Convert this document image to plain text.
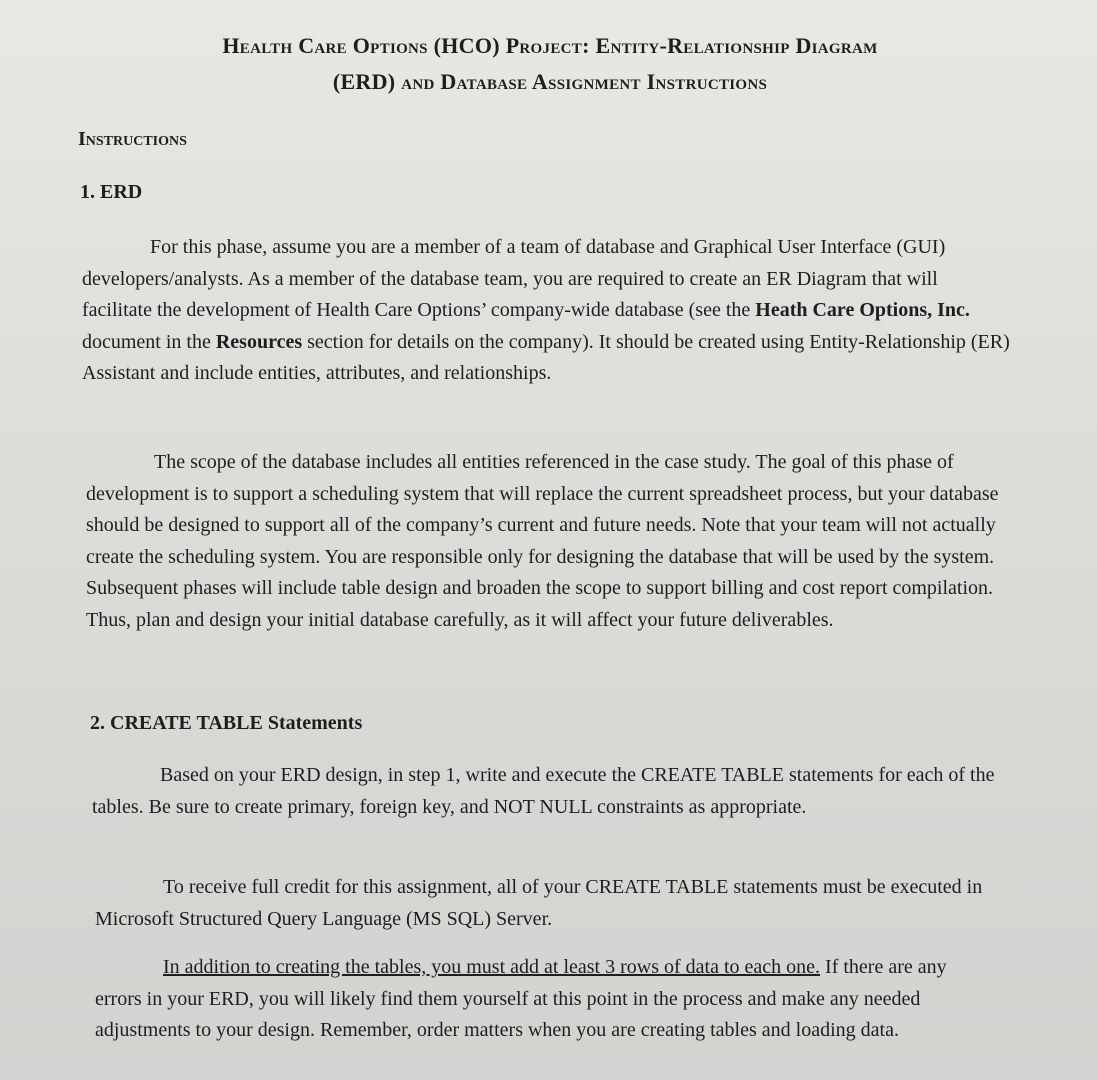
Health Care Options (HCO) Project: Entity-Relationship Diagram
(ERD) and Database Assignment Instructions
Instructions
1. ERD

For this phase, assume you are a member of a team of database and Graphical User Interface (GUI) developers/analysts. As a member of the database team, you are required to create an ER Diagram that will facilitate the development of Health Care Options’ company-wide database (see the Heath Care Options, Inc. document in the Resources section for details on the company). It should be created using Entity-Relationship (ER) Assistant and include entities, attributes, and relationships.

The scope of the database includes all entities referenced in the case study. The goal of this phase of development is to support a scheduling system that will replace the current spreadsheet process, but your database should be designed to support all of the company’s current and future needs. Note that your team will not actually create the scheduling system. You are responsible only for designing the database that will be used by the system. Subsequent phases will include table design and broaden the scope to support billing and cost report compilation. Thus, plan and design your initial database carefully, as it will affect your future deliverables.

2. CREATE TABLE Statements

Based on your ERD design, in step 1, write and execute the CREATE TABLE statements for each of the tables. Be sure to create primary, foreign key, and NOT NULL constraints as appropriate.

To receive full credit for this assignment, all of your CREATE TABLE statements must be executed in Microsoft Structured Query Language (MS SQL) Server.

In addition to creating the tables, you must add at least 3 rows of data to each one. If there are any errors in your ERD, you will likely find them yourself at this point in the process and make any needed adjustments to your design. Remember, order matters when you are creating tables and loading data.
